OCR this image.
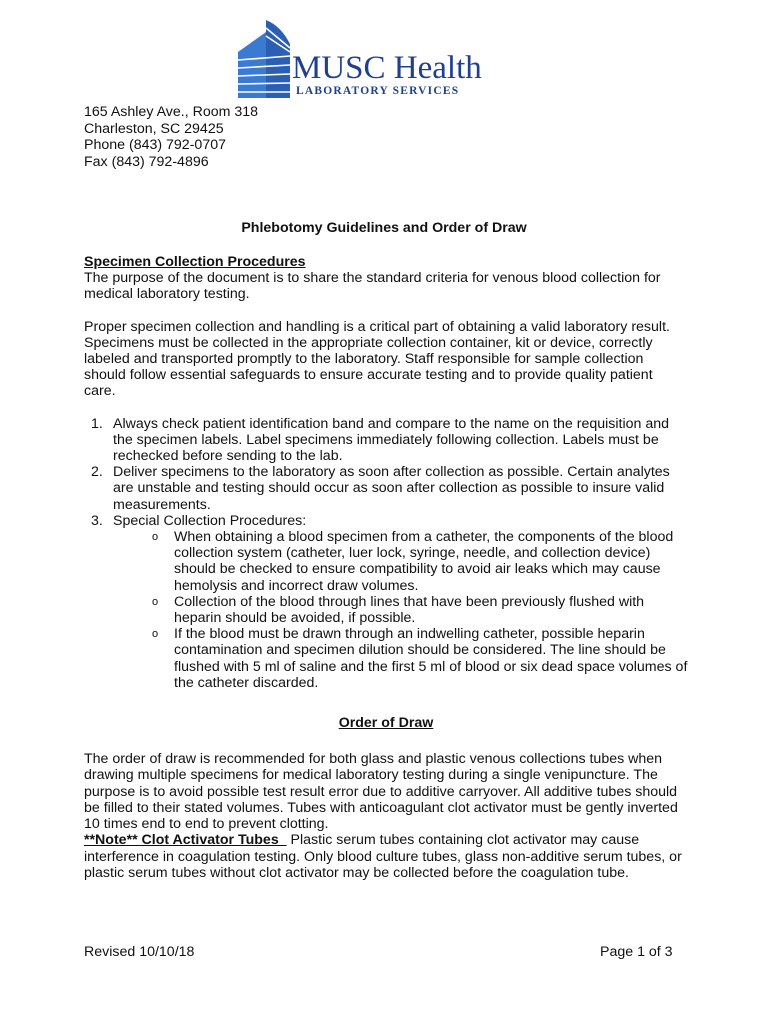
MUSC Health
LABORATORY SERVICES
165 Ashley Ave., Room 318
Charleston, SC 29425
Phone (843) 792-0707
Fax (843) 792-4896
Phlebotomy Guidelines and Order of Draw

Specimen Collection Procedures

The purpose of the document is to share the standard criteria for venous blood collection for medical laboratory testing.

Proper specimen collection and handling is a critical part of obtaining a valid laboratory result. Specimens must be collected in the appropriate collection container, kit or device, correctly labeled and transported promptly to the laboratory. Staff responsible for sample collection should follow essential safeguards to ensure accurate testing and to provide quality patient care.

1. Always check patient identification band and compare to the name on the requisition and the specimen labels. Label specimens immediately following collection. Labels must be rechecked before sending to the lab.
2. Deliver specimens to the laboratory as soon after collection as possible. Certain analytes are unstable and testing should occur as soon after collection as possible to insure valid measurements.
3. Special Collection Procedures:
o When obtaining a blood specimen from a catheter, the components of the blood collection system (catheter, luer lock, syringe, needle, and collection device) should be checked to ensure compatibility to avoid air leaks which may cause hemolysis and incorrect draw volumes.
o Collection of the blood through lines that have been previously flushed with heparin should be avoided, if possible.
o If the blood must be drawn through an indwelling catheter, possible heparin contamination and specimen dilution should be considered. The line should be flushed with 5 ml of saline and the first 5 ml of blood or six dead space volumes of the catheter discarded.

Order of Draw

The order of draw is recommended for both glass and plastic venous collections tubes when drawing multiple specimens for medical laboratory testing during a single venipuncture. The purpose is to avoid possible test result error due to additive carryover. All additive tubes should be filled to their stated volumes. Tubes with anticoagulant clot activator must be gently inverted 10 times end to end to prevent clotting.

**Note** Clot Activator Tubes   Plastic serum tubes containing clot activator may cause interference in coagulation testing. Only blood culture tubes, glass non-additive serum tubes, or plastic serum tubes without clot activator may be collected before the coagulation tube.

Revised 10/10/18	Page 1 of 3
